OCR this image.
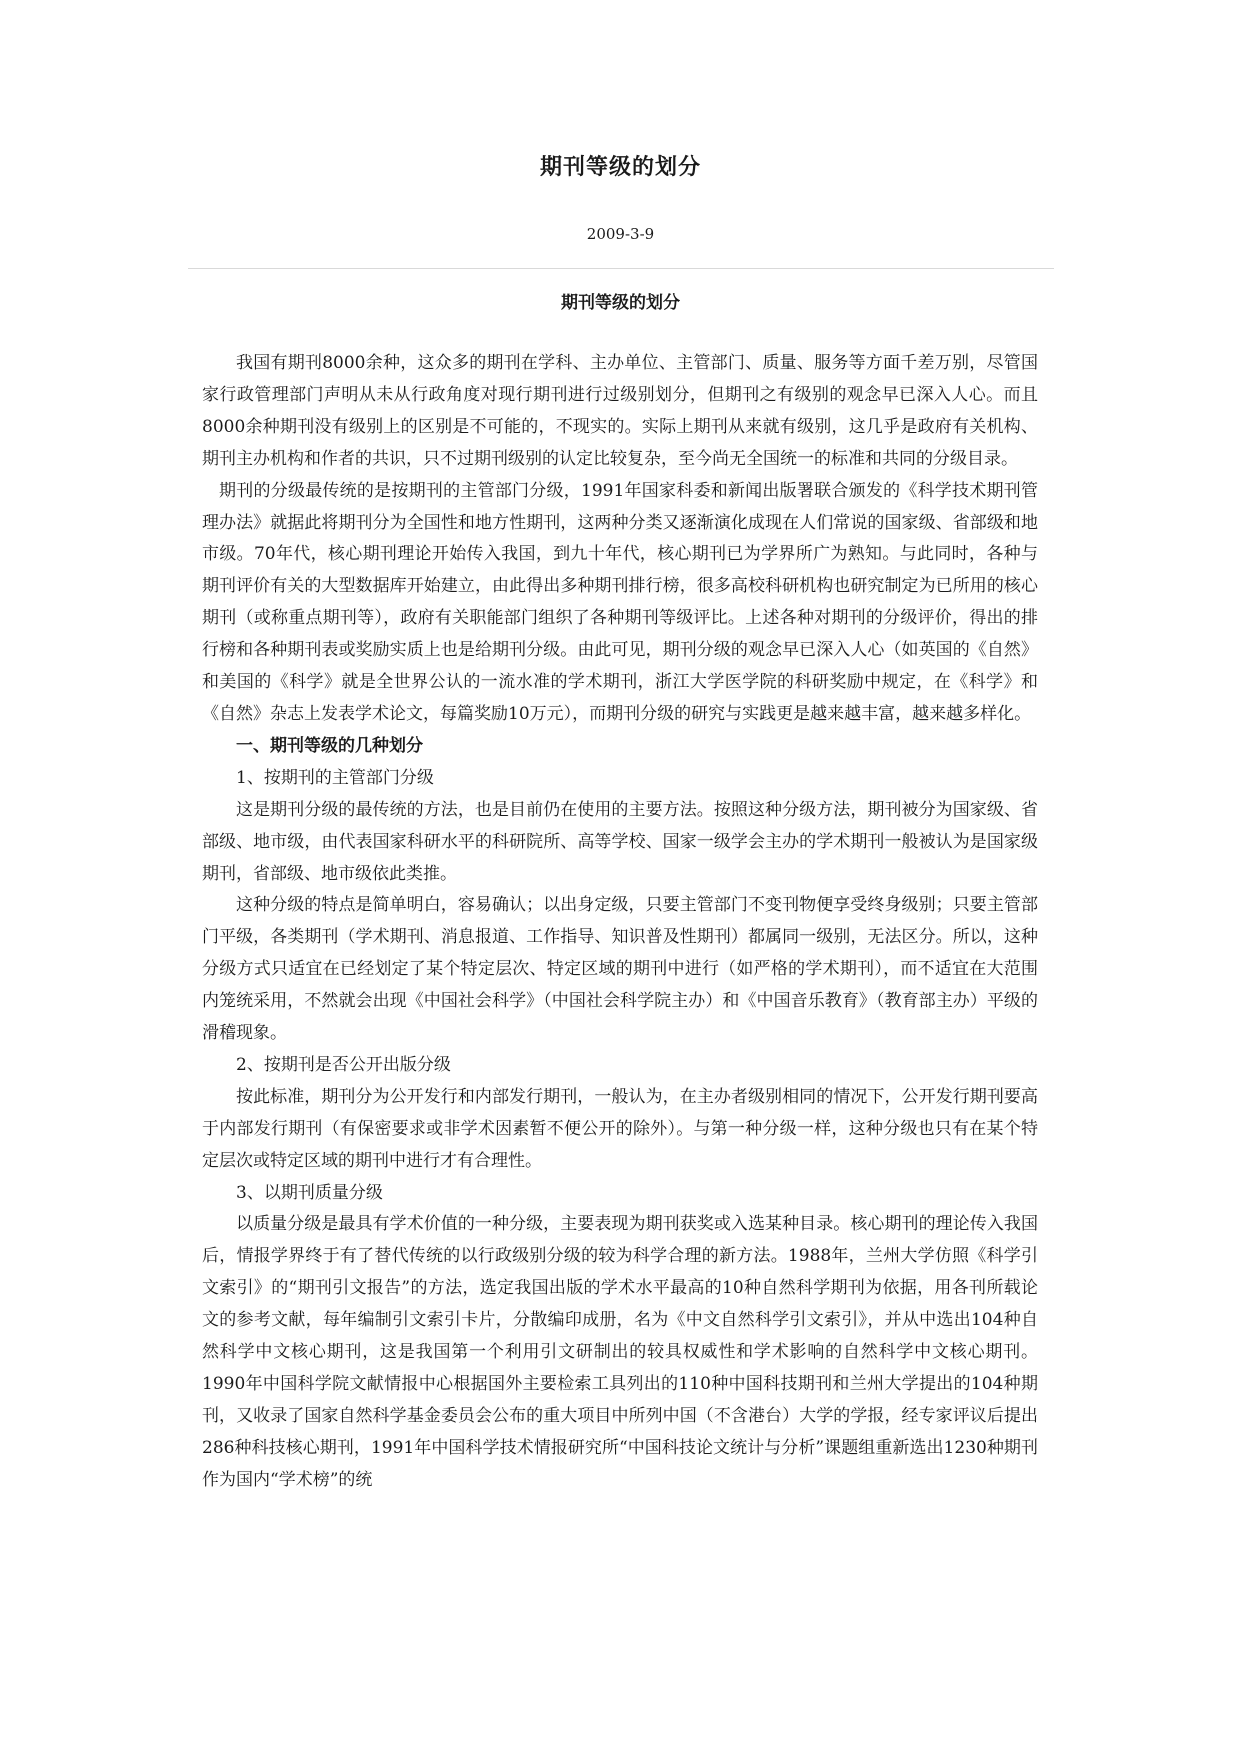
期刊等级的划分
2009-3-9
期刊等级的划分

我国有期刊8000余种，这众多的期刊在学科、主办单位、主管部门、质量、服务等方面千差万别，尽管国家行政管理部门声明从未从行政角度对现行期刊进行过级别划分，但期刊之有级别的观念早已深入人心。而且8000余种期刊没有级别上的区别是不可能的，不现实的。实际上期刊从来就有级别，这几乎是政府有关机构、期刊主办机构和作者的共识，只不过期刊级别的认定比较复杂，至今尚无全国统一的标准和共同的分级目录。

期刊的分级最传统的是按期刊的主管部门分级，1991年国家科委和新闻出版署联合颁发的《科学技术期刊管理办法》就据此将期刊分为全国性和地方性期刊，这两种分类又逐渐演化成现在人们常说的国家级、省部级和地市级。70年代，核心期刊理论开始传入我国，到九十年代，核心期刊已为学界所广为熟知。与此同时，各种与期刊评价有关的大型数据库开始建立，由此得出多种期刊排行榜，很多高校科研机构也研究制定为已所用的核心期刊（或称重点期刊等），政府有关职能部门组织了各种期刊等级评比。上述各种对期刊的分级评价，得出的排行榜和各种期刊表或奖励实质上也是给期刊分级。由此可见，期刊分级的观念早已深入人心（如英国的《自然》和美国的《科学》就是全世界公认的一流水准的学术期刊，浙江大学医学院的科研奖励中规定，在《科学》和《自然》杂志上发表学术论文，每篇奖励10万元），而期刊分级的研究与实践更是越来越丰富，越来越多样化。

一、期刊等级的几种划分

1、按期刊的主管部门分级

这是期刊分级的最传统的方法，也是目前仍在使用的主要方法。按照这种分级方法，期刊被分为国家级、省部级、地市级，由代表国家科研水平的科研院所、高等学校、国家一级学会主办的学术期刊一般被认为是国家级期刊，省部级、地市级依此类推。

这种分级的特点是简单明白，容易确认；以出身定级，只要主管部门不变刊物便享受终身级别；只要主管部门平级，各类期刊（学术期刊、消息报道、工作指导、知识普及性期刊）都属同一级别，无法区分。所以，这种分级方式只适宜在已经划定了某个特定层次、特定区域的期刊中进行（如严格的学术期刊），而不适宜在大范围内笼统采用，不然就会出现《中国社会科学》（中国社会科学院主办）和《中国音乐教育》（教育部主办）平级的滑稽现象。

2、按期刊是否公开出版分级

按此标准，期刊分为公开发行和内部发行期刊，一般认为，在主办者级别相同的情况下，公开发行期刊要高于内部发行期刊（有保密要求或非学术因素暂不便公开的除外）。与第一种分级一样，这种分级也只有在某个特定层次或特定区域的期刊中进行才有合理性。

3、以期刊质量分级

以质量分级是最具有学术价值的一种分级，主要表现为期刊获奖或入选某种目录。核心期刊的理论传入我国后，情报学界终于有了替代传统的以行政级别分级的较为科学合理的新方法。1988年，兰州大学仿照《科学引文索引》的“期刊引文报告”的方法，选定我国出版的学术水平最高的10种自然科学期刊为依据，用各刊所载论文的参考文献，每年编制引文索引卡片，分散编印成册，名为《中文自然科学引文索引》，并从中选出104种自然科学中文核心期刊，这是我国第一个利用引文研制出的较具权威性和学术影响的自然科学中文核心期刊。1990年中国科学院文献情报中心根据国外主要检索工具列出的110种中国科技期刊和兰州大学提出的104种期刊，又收录了国家自然科学基金委员会公布的重大项目中所列中国（不含港台）大学的学报，经专家评议后提出286种科技核心期刊，1991年中国科学技术情报研究所“中国科技论文统计与分析”课题组重新选出1230种期刊作为国内“学术榜”的统
